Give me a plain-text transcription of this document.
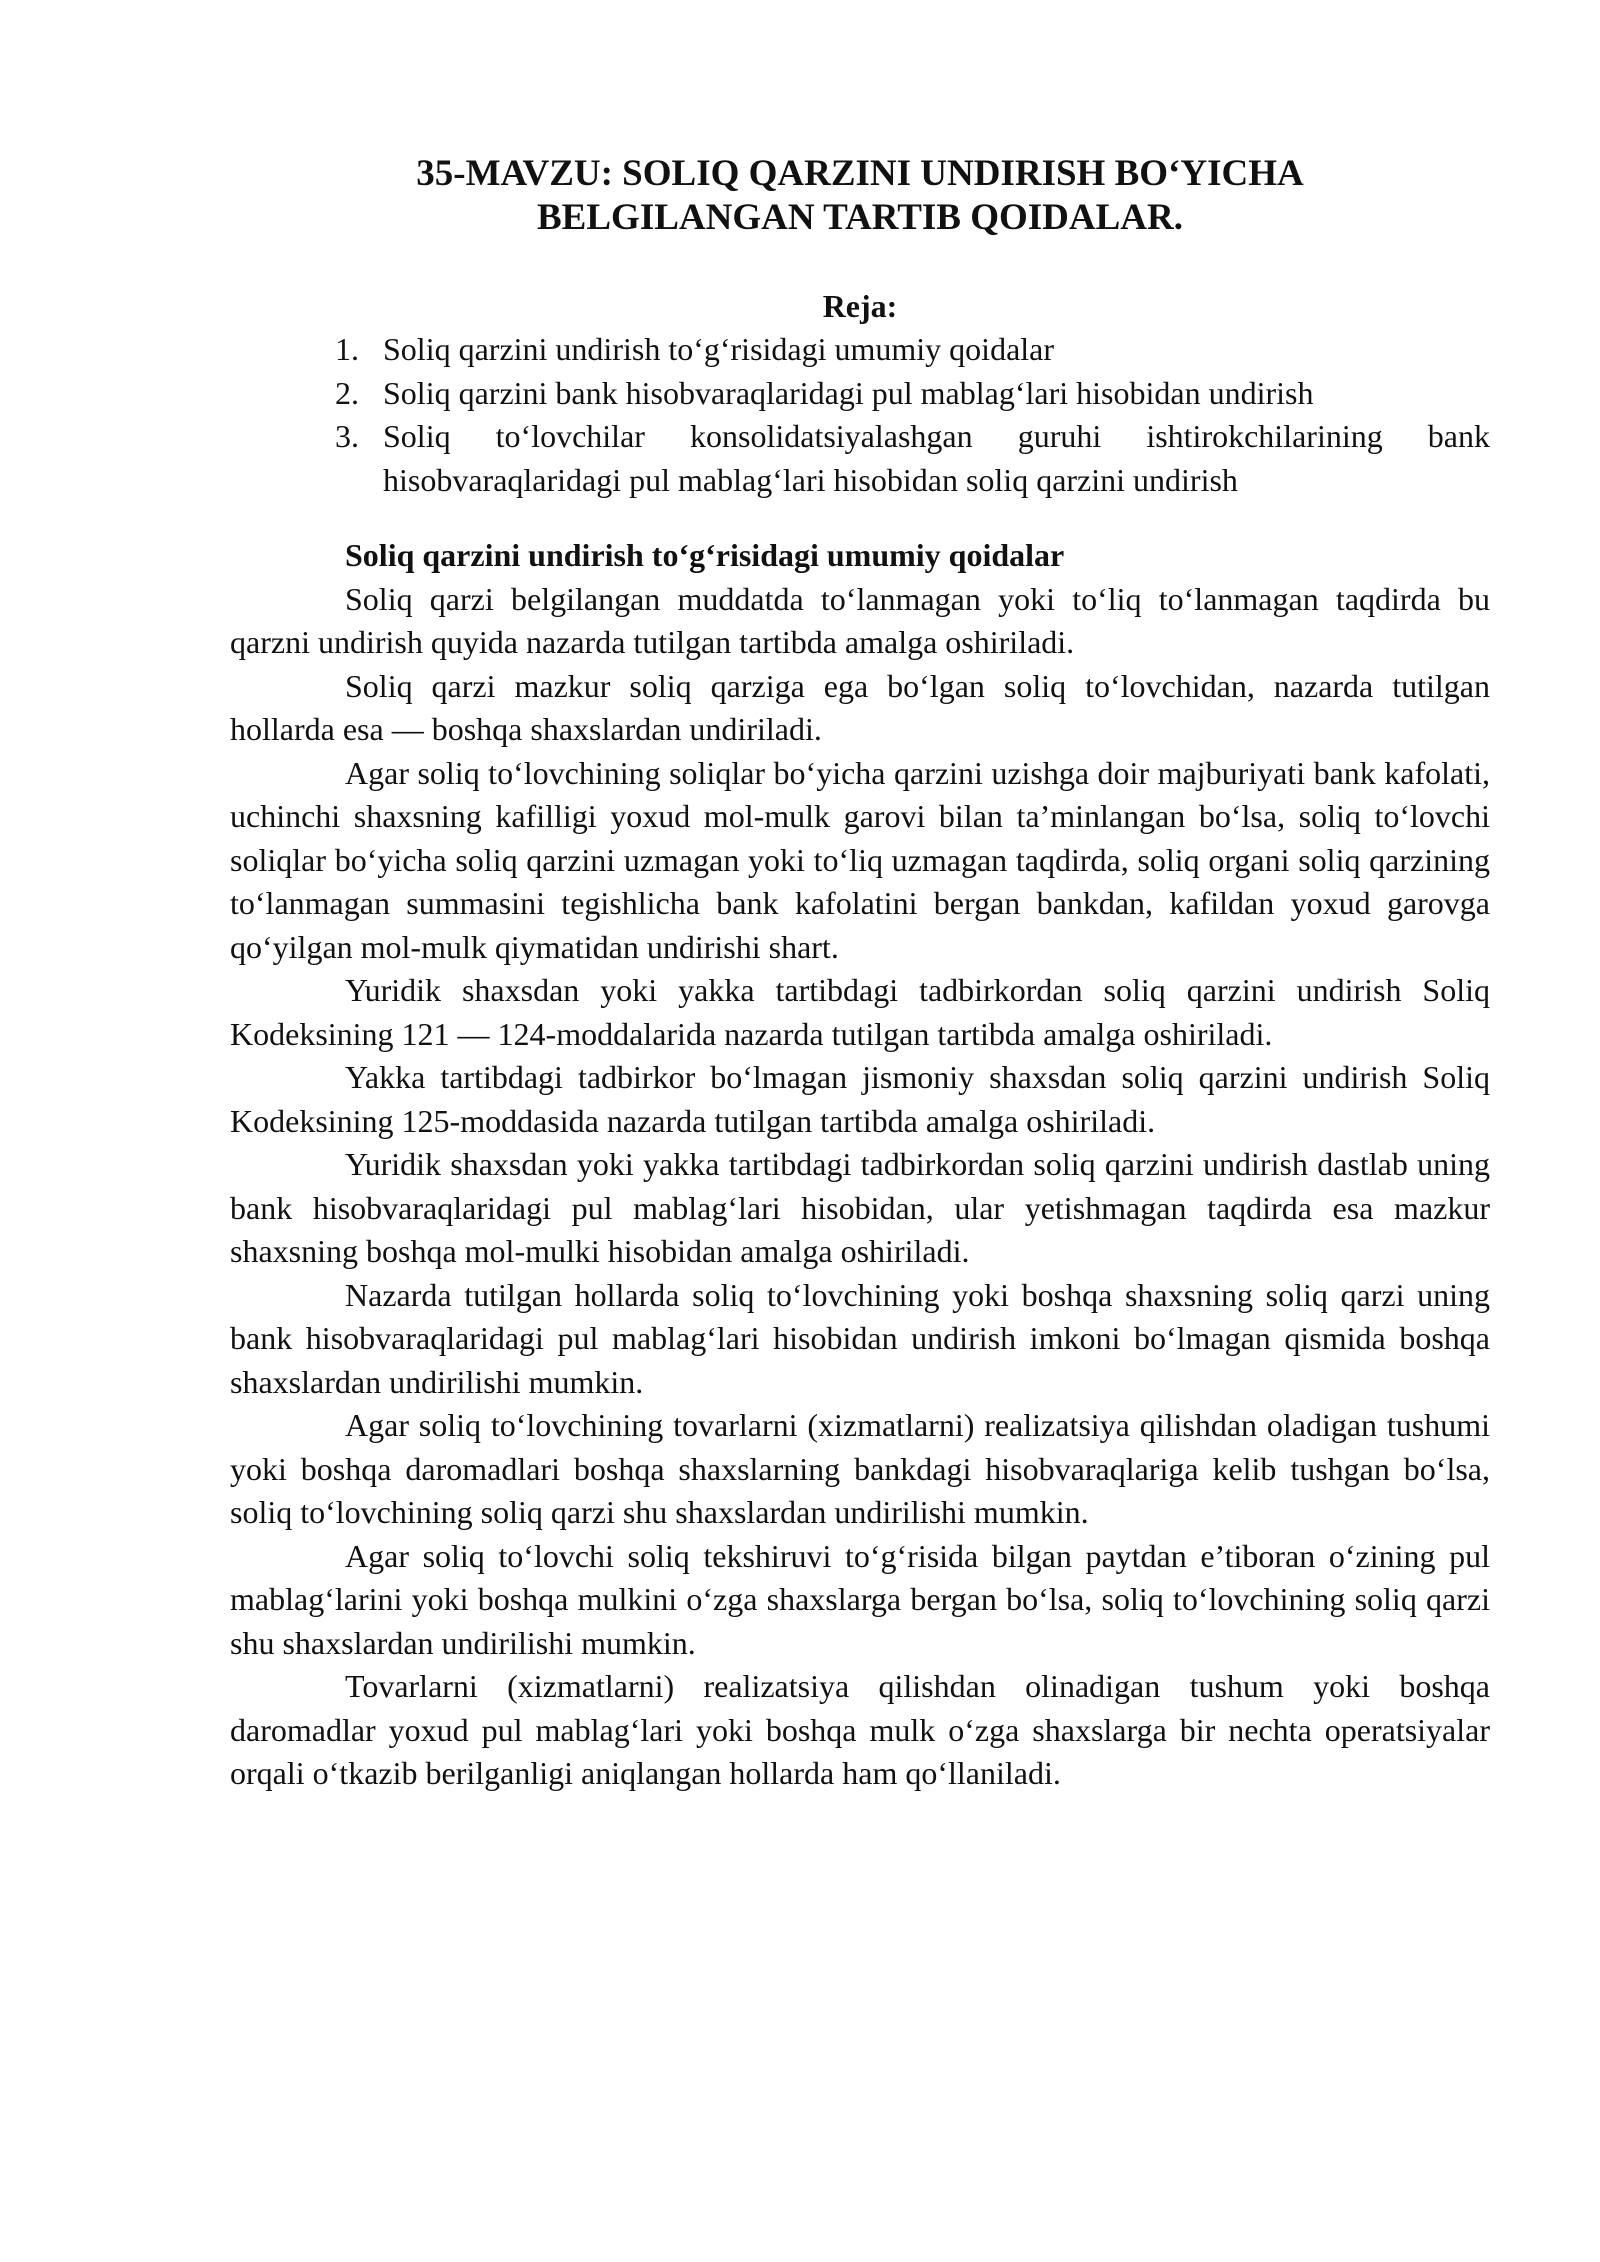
35-MAVZU: SOLIQ QARZINI UNDIRISH BO‘YICHA
BELGILANGAN TARTIB QOIDALAR.
Reja:
1. Soliq qarzini undirish to‘g‘risidagi umumiy qoidalar
2. Soliq qarzini bank hisobvaraqlaridagi pul mablag‘lari hisobidan undirish
3. Soliq to‘lovchilar konsolidatsiyalashgan guruhi ishtirokchilarining bank hisobvaraqlaridagi pul mablag‘lari hisobidan soliq qarzini undirish
Soliq qarzini undirish to‘g‘risidagi umumiy qoidalar

Soliq qarzi belgilangan muddatda to‘lanmagan yoki to‘liq to‘lanmagan taqdirda bu qarzni undirish quyida nazarda tutilgan tartibda amalga oshiriladi.

Soliq qarzi mazkur soliq qarziga ega bo‘lgan soliq to‘lovchidan, nazarda tutilgan hollarda esa — boshqa shaxslardan undiriladi.

Agar soliq to‘lovchining soliqlar bo‘yicha qarzini uzishga doir majburiyati bank kafolati, uchinchi shaxsning kafilligi yoxud mol-mulk garovi bilan ta’minlangan bo‘lsa, soliq to‘lovchi soliqlar bo‘yicha soliq qarzini uzmagan yoki to‘liq uzmagan taqdirda, soliq organi soliq qarzining to‘lanmagan summasini tegishlicha bank kafolatini bergan bankdan, kafildan yoxud garovga qo‘yilgan mol-mulk qiymatidan undirishi shart.

Yuridik shaxsdan yoki yakka tartibdagi tadbirkordan soliq qarzini undirish Soliq Kodeksining 121 — 124-moddalarida nazarda tutilgan tartibda amalga oshiriladi.

Yakka tartibdagi tadbirkor bo‘lmagan jismoniy shaxsdan soliq qarzini undirish Soliq Kodeksining 125-moddasida nazarda tutilgan tartibda amalga oshiriladi.

Yuridik shaxsdan yoki yakka tartibdagi tadbirkordan soliq qarzini undirish dastlab uning bank hisobvaraqlaridagi pul mablag‘lari hisobidan, ular yetishmagan taqdirda esa mazkur shaxsning boshqa mol-mulki hisobidan amalga oshiriladi.

Nazarda tutilgan hollarda soliq to‘lovchining yoki boshqa shaxsning soliq qarzi uning bank hisobvaraqlaridagi pul mablag‘lari hisobidan undirish imkoni bo‘lmagan qismida boshqa shaxslardan undirilishi mumkin.

Agar soliq to‘lovchining tovarlarni (xizmatlarni) realizatsiya qilishdan oladigan tushumi yoki boshqa daromadlari boshqa shaxslarning bankdagi hisobvaraqlariga kelib tushgan bo‘lsa, soliq to‘lovchining soliq qarzi shu shaxslardan undirilishi mumkin.

Agar soliq to‘lovchi soliq tekshiruvi to‘g‘risida bilgan paytdan e’tiboran o‘zining pul mablag‘larini yoki boshqa mulkini o‘zga shaxslarga bergan bo‘lsa, soliq to‘lovchining soliq qarzi shu shaxslardan undirilishi mumkin.

Tovarlarni (xizmatlarni) realizatsiya qilishdan olinadigan tushum yoki boshqa daromadlar yoxud pul mablag‘lari yoki boshqa mulk o‘zga shaxslarga bir nechta operatsiyalar orqali o‘tkazib berilganligi aniqlangan hollarda ham qo‘llaniladi.
